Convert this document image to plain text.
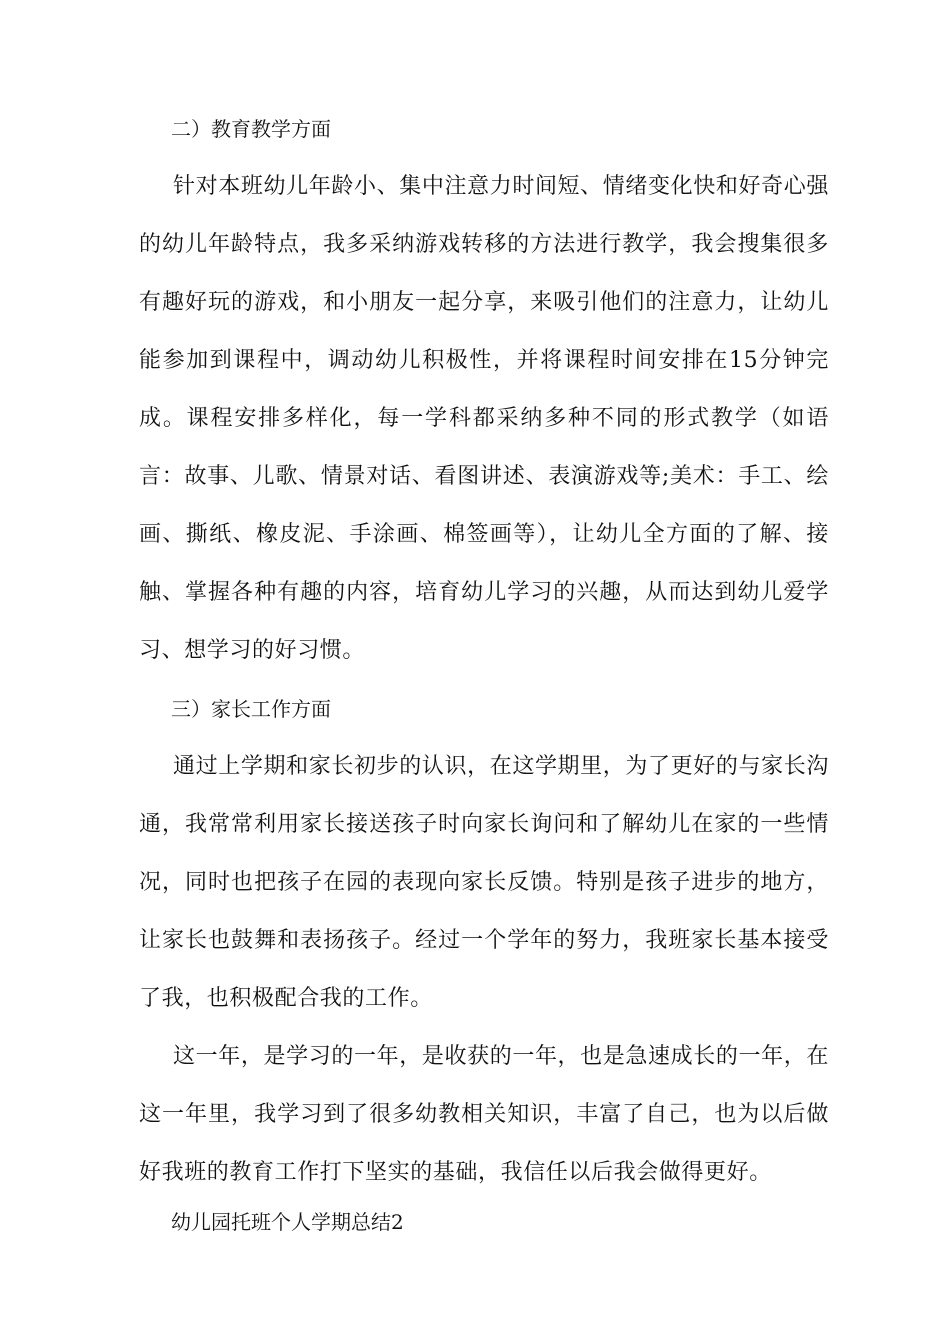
二）教育教学方面

针对本班幼儿年龄小、集中注意力时间短、情绪变化快和好奇心强的幼儿年龄特点，我多采纳游戏转移的方法进行教学，我会搜集很多有趣好玩的游戏，和小朋友一起分享，来吸引他们的注意力，让幼儿能参加到课程中，调动幼儿积极性，并将课程时间安排在15分钟完成。课程安排多样化，每一学科都采纳多种不同的形式教学（如语言：故事、儿歌、情景对话、看图讲述、表演游戏等;美术：手工、绘画、撕纸、橡皮泥、手涂画、棉签画等），让幼儿全方面的了解、接触、掌握各种有趣的内容，培育幼儿学习的兴趣，从而达到幼儿爱学习、想学习的好习惯。

三）家长工作方面

通过上学期和家长初步的认识，在这学期里，为了更好的与家长沟通，我常常利用家长接送孩子时向家长询问和了解幼儿在家的一些情况，同时也把孩子在园的表现向家长反馈。特别是孩子进步的地方，让家长也鼓舞和表扬孩子。经过一个学年的努力，我班家长基本接受了我，也积极配合我的工作。

这一年，是学习的一年，是收获的一年，也是急速成长的一年，在这一年里，我学习到了很多幼教相关知识，丰富了自己，也为以后做好我班的教育工作打下坚实的基础，我信任以后我会做得更好。

幼儿园托班个人学期总结2
